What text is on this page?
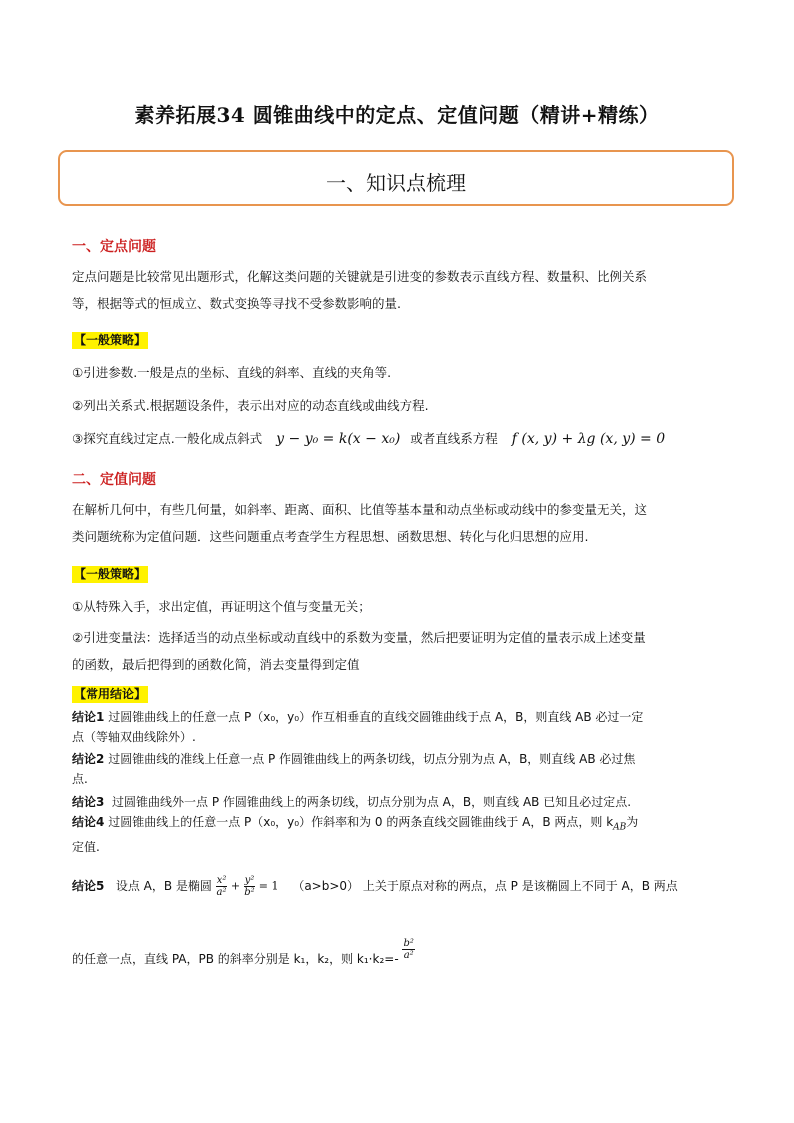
素养拓展34 圆锥曲线中的定点、定值问题（精讲+精练）
一、知识点梳理
一、定点问题
定点问题是比较常见出题形式，化解这类问题的关键就是引进变的参数表示直线方程、数量积、比例关系
等，根据等式的恒成立、数式变换等寻找不受参数影响的量.
【一般策略】
①引进参数.一般是点的坐标、直线的斜率、直线的夹角等.
②列出关系式.根据题设条件，表示出对应的动态直线或曲线方程.
③探究直线过定点.一般化成点斜式 y − y₀ = k(x − x₀) 或者直线系方程 f (x, y) + λg (x, y) = 0
二、定值问题
在解析几何中，有些几何量，如斜率、距离、面积、比值等基本量和动点坐标或动线中的参变量无关，这
类问题统称为定值问题．这些问题重点考查学生方程思想、函数思想、转化与化归思想的应用.
【一般策略】
①从特殊入手，求出定值，再证明这个值与变量无关；
②引进变量法：选择适当的动点坐标或动直线中的系数为变量，然后把要证明为定值的量表示成上述变量
的函数，最后把得到的函数化简，消去变量得到定值
【常用结论】
结论1 过圆锥曲线上的任意一点 P（x₀，y₀）作互相垂直的直线交圆锥曲线于点 A，B，则直线 AB 必过一定
点（等轴双曲线除外）.
结论2 过圆锥曲线的准线上任意一点 P 作圆锥曲线上的两条切线，切点分别为点 A，B，则直线 AB 必过焦
点.
结论3 过圆锥曲线外一点 P 作圆锥曲线上的两条切线，切点分别为点 A，B，则直线 AB 已知且必过定点.
结论4 过圆锥曲线上的任意一点 P（x₀，y₀）作斜率和为 0 的两条直线交圆锥曲线于 A，B 两点，则 $k_{AB}$为
定值.
结论5 设点 A，B 是椭圆 $\frac{\text{x²}}{\text{a²}} + \frac{\text{y²}}{\text{b²}} = 1$ （a>b>0） 上关于原点对称的两点，点 P 是该椭圆上不同于 A，B 两点
的任意一点，直线 PA，PB 的斜率分别是 k₁，k₂，则 $k_1\cdot k_2=- \frac{\text{b²}}{\text{a²}}$
